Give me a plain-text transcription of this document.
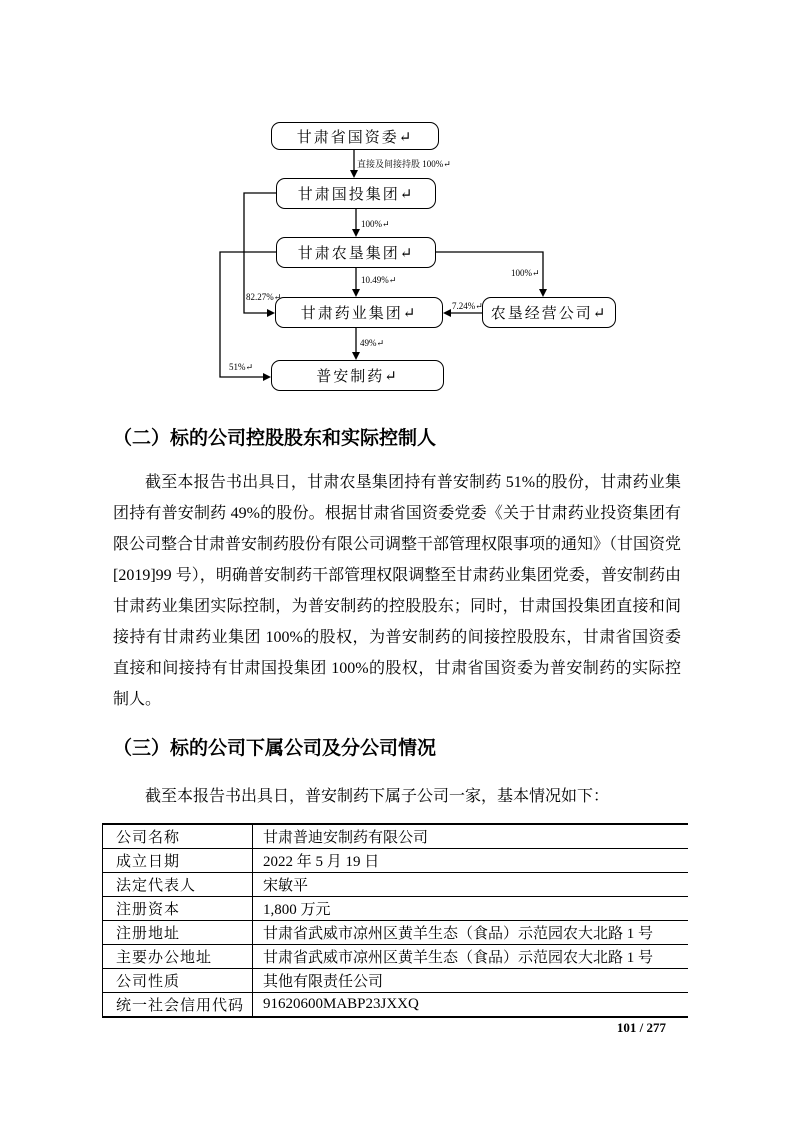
甘肃省国资委↵
甘肃国投集团↵
甘肃农垦集团↵
甘肃药业集团↵
普安制药↵
农垦经营公司↵
直接及间接持股 100%↵
100%↵
10.49%↵
82.27%↵
100%↵
7.24%↵
49%↵
51%↵
（二）标的公司控股股东和实际控制人
截至本报告书出具日，甘肃农垦集团持有普安制药 51%的股份，甘肃药业集团持有普安制药 49%的股份。根据甘肃省国资委党委《关于甘肃药业投资集团有限公司整合甘肃普安制药股份有限公司调整干部管理权限事项的通知》（甘国资党[2019]99 号），明确普安制药干部管理权限调整至甘肃药业集团党委，普安制药由甘肃药业集团实际控制，为普安制药的控股股东；同时，甘肃国投集团直接和间接持有甘肃药业集团 100%的股权，为普安制药的间接控股股东，甘肃省国资委直接和间接持有甘肃国投集团 100%的股权，甘肃省国资委为普安制药的实际控制人。
（三）标的公司下属公司及分公司情况
截至本报告书出具日，普安制药下属子公司一家，基本情况如下：
公司名称	甘肃普迪安制药有限公司
成立日期	2022 年 5 月 19 日
法定代表人	宋敏平
注册资本	1,800 万元
注册地址	甘肃省武威市凉州区黄羊生态（食品）示范园农大北路 1 号
主要办公地址	甘肃省武威市凉州区黄羊生态（食品）示范园农大北路 1 号
公司性质	其他有限责任公司
统一社会信用代码	91620600MABP23JXXQ
101 / 277
